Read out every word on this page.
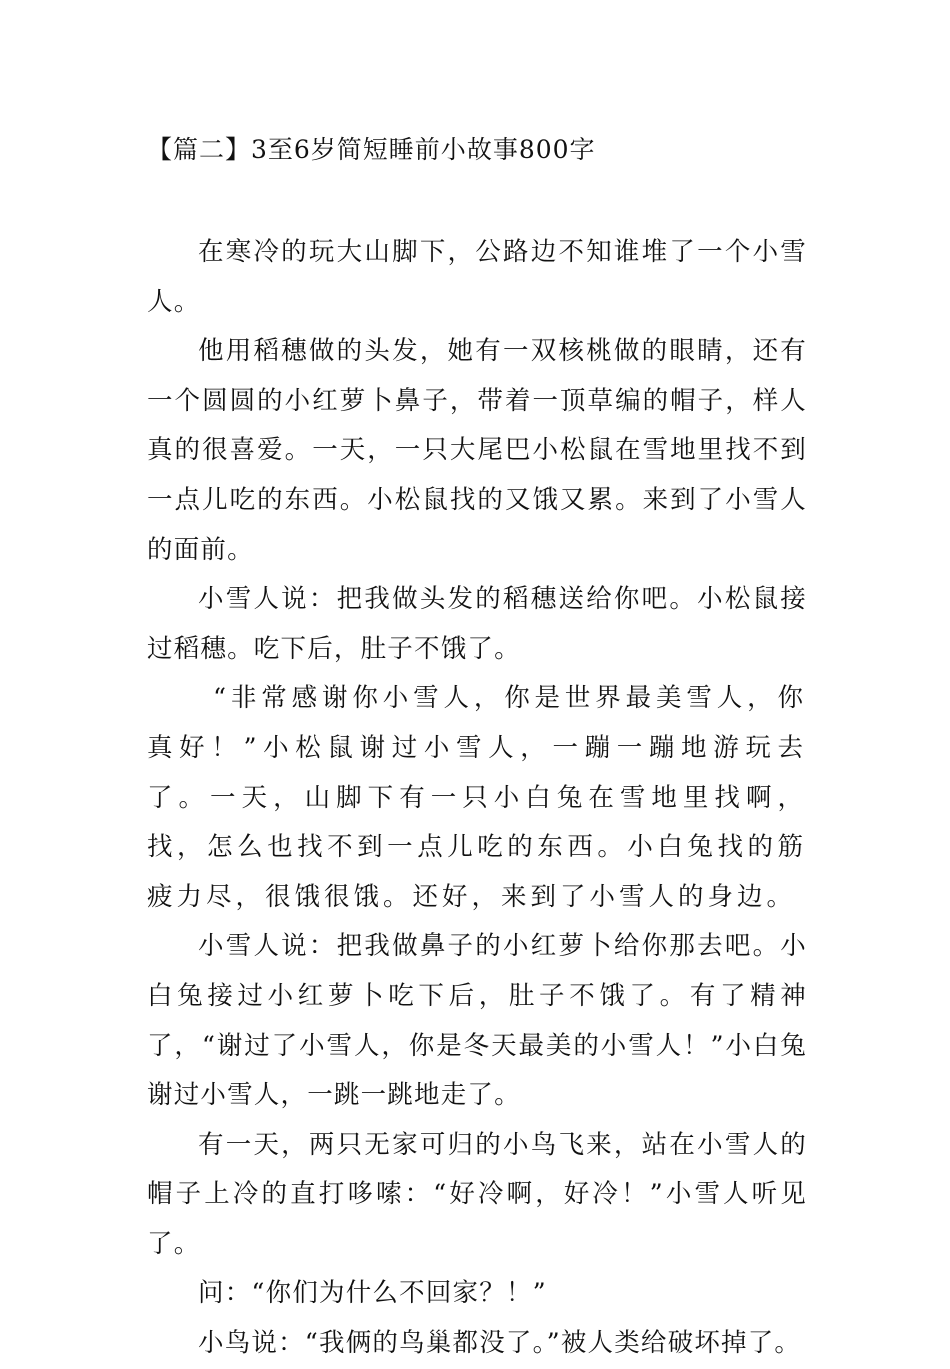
【篇二】3至6岁简短睡前小故事800字

在寒冷的玩大山脚下，公路边不知谁堆了一个小雪人。

他用稻穗做的头发，她有一双核桃做的眼睛，还有一个圆圆的小红萝卜鼻子，带着一顶草编的帽子，样人真的很喜爱。一天，一只大尾巴小松鼠在雪地里找不到一点儿吃的东西。小松鼠找的又饿又累。来到了小雪人的面前。

小雪人说：把我做头发的稻穗送给你吧。小松鼠接过稻穗。吃下后，肚子不饿了。

“非常感谢你小雪人，你是世界最美雪人，你真好！”小松鼠谢过小雪人，一蹦一蹦地游玩去了。一天，山脚下有一只小白兔在雪地里找啊，找，怎么也找不到一点儿吃的东西。小白兔找的筋疲力尽，很饿很饿。还好，来到了小雪人的身边。

小雪人说：把我做鼻子的小红萝卜给你那去吧。小白兔接过小红萝卜吃下后，肚子不饿了。有了精神了，“谢过了小雪人，你是冬天最美的小雪人！”小白兔谢过小雪人，一跳一跳地走了。

有一天，两只无家可归的小鸟飞来，站在小雪人的帽子上冷的直打哆嗦：“好冷啊，好冷！”小雪人听见了。

问：“你们为什么不回家？！”

小鸟说：“我俩的鸟巢都没了。”被人类给破坏掉了。
